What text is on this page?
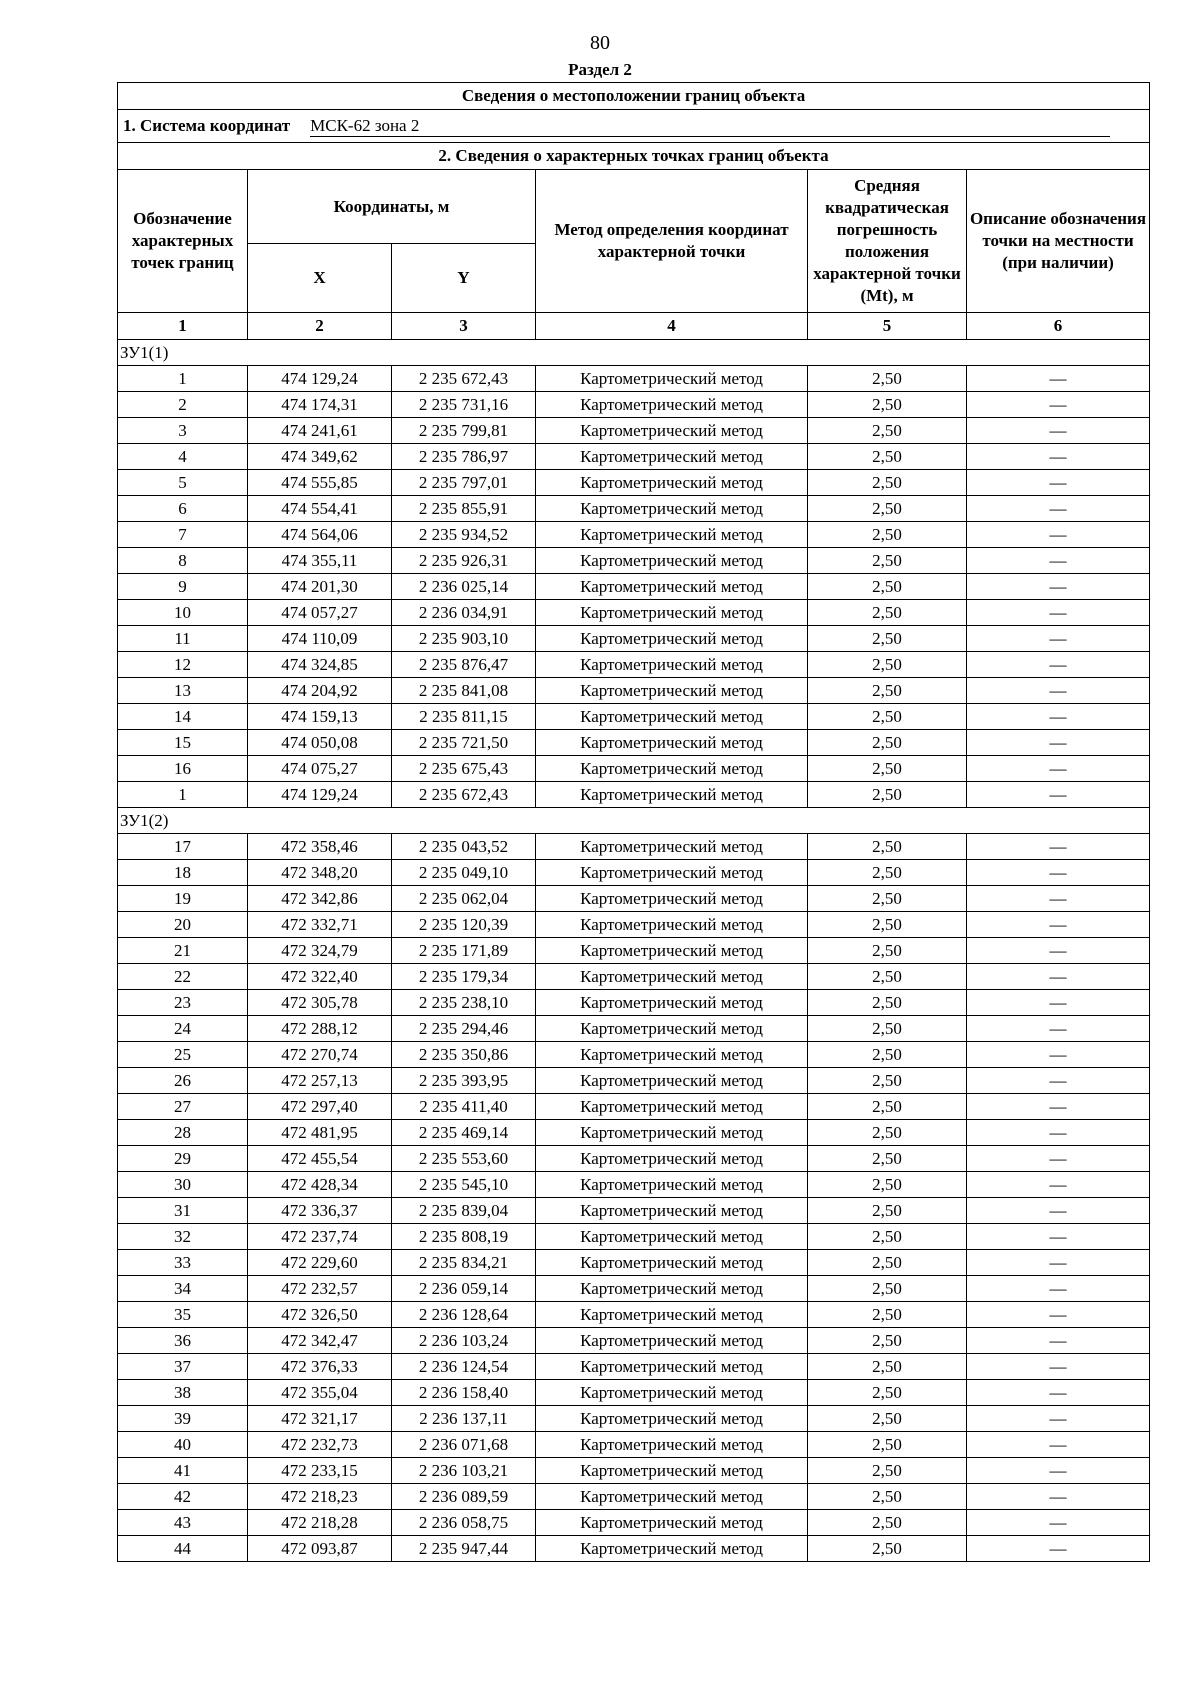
80
Раздел 2
Сведения о местоположении границ объекта					
1. Система координат МСК-62 зона 2					
2. Сведения о характерных точках границ объекта					
Обозначение характерных точек границ	Координаты, м		Метод определения координат характерной точки	Средняя квадратическая погрешность положения характерной точки (Mt), м	Описание обозначения точки на местности (при наличии)
	X	Y			
1	2	3	4	5	6
ЗУ1(1)					
1	474 129,24	2 235 672,43	Картометрический метод	2,50	—
2	474 174,31	2 235 731,16	Картометрический метод	2,50	—
3	474 241,61	2 235 799,81	Картометрический метод	2,50	—
4	474 349,62	2 235 786,97	Картометрический метод	2,50	—
5	474 555,85	2 235 797,01	Картометрический метод	2,50	—
6	474 554,41	2 235 855,91	Картометрический метод	2,50	—
7	474 564,06	2 235 934,52	Картометрический метод	2,50	—
8	474 355,11	2 235 926,31	Картометрический метод	2,50	—
9	474 201,30	2 236 025,14	Картометрический метод	2,50	—
10	474 057,27	2 236 034,91	Картометрический метод	2,50	—
11	474 110,09	2 235 903,10	Картометрический метод	2,50	—
12	474 324,85	2 235 876,47	Картометрический метод	2,50	—
13	474 204,92	2 235 841,08	Картометрический метод	2,50	—
14	474 159,13	2 235 811,15	Картометрический метод	2,50	—
15	474 050,08	2 235 721,50	Картометрический метод	2,50	—
16	474 075,27	2 235 675,43	Картометрический метод	2,50	—
1	474 129,24	2 235 672,43	Картометрический метод	2,50	—
ЗУ1(2)					
17	472 358,46	2 235 043,52	Картометрический метод	2,50	—
18	472 348,20	2 235 049,10	Картометрический метод	2,50	—
19	472 342,86	2 235 062,04	Картометрический метод	2,50	—
20	472 332,71	2 235 120,39	Картометрический метод	2,50	—
21	472 324,79	2 235 171,89	Картометрический метод	2,50	—
22	472 322,40	2 235 179,34	Картометрический метод	2,50	—
23	472 305,78	2 235 238,10	Картометрический метод	2,50	—
24	472 288,12	2 235 294,46	Картометрический метод	2,50	—
25	472 270,74	2 235 350,86	Картометрический метод	2,50	—
26	472 257,13	2 235 393,95	Картометрический метод	2,50	—
27	472 297,40	2 235 411,40	Картометрический метод	2,50	—
28	472 481,95	2 235 469,14	Картометрический метод	2,50	—
29	472 455,54	2 235 553,60	Картометрический метод	2,50	—
30	472 428,34	2 235 545,10	Картометрический метод	2,50	—
31	472 336,37	2 235 839,04	Картометрический метод	2,50	—
32	472 237,74	2 235 808,19	Картометрический метод	2,50	—
33	472 229,60	2 235 834,21	Картометрический метод	2,50	—
34	472 232,57	2 236 059,14	Картометрический метод	2,50	—
35	472 326,50	2 236 128,64	Картометрический метод	2,50	—
36	472 342,47	2 236 103,24	Картометрический метод	2,50	—
37	472 376,33	2 236 124,54	Картометрический метод	2,50	—
38	472 355,04	2 236 158,40	Картометрический метод	2,50	—
39	472 321,17	2 236 137,11	Картометрический метод	2,50	—
40	472 232,73	2 236 071,68	Картометрический метод	2,50	—
41	472 233,15	2 236 103,21	Картометрический метод	2,50	—
42	472 218,23	2 236 089,59	Картометрический метод	2,50	—
43	472 218,28	2 236 058,75	Картометрический метод	2,50	—
44	472 093,87	2 235 947,44	Картометрический метод	2,50	—
